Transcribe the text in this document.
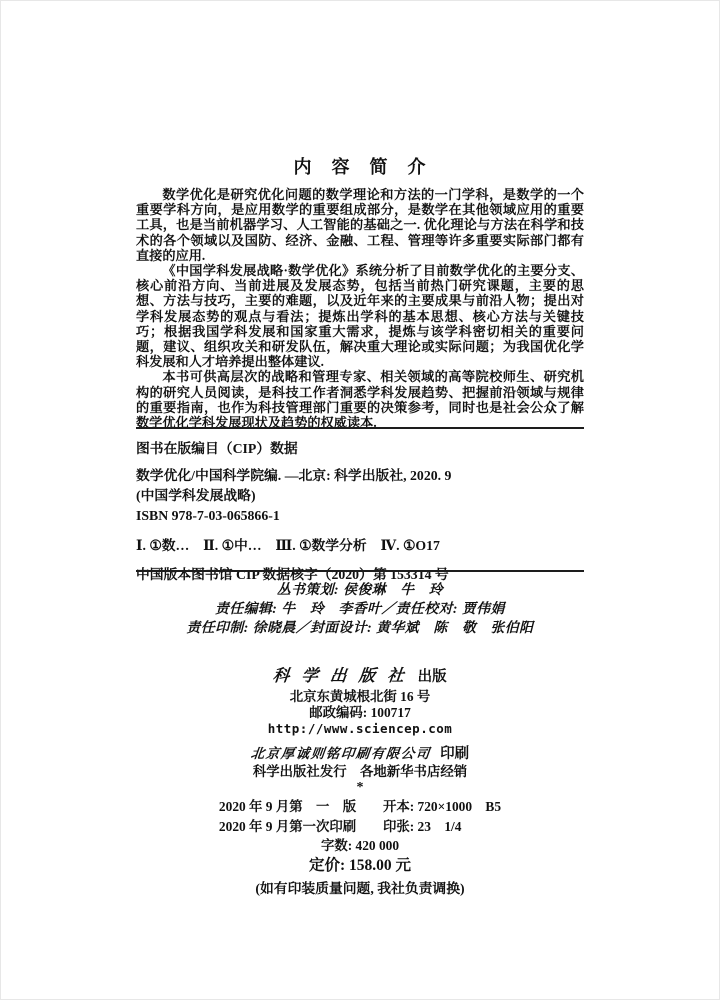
内　容　简　介

数学优化是研究优化问题的数学理论和方法的一门学科，是数学的一个重要学科方向，是应用数学的重要组成部分，是数学在其他领域应用的重要工具，也是当前机器学习、人工智能的基础之一. 优化理论与方法在科学和技术的各个领域以及国防、经济、金融、工程、管理等许多重要实际部门都有直接的应用.

《中国学科发展战略·数学优化》系统分析了目前数学优化的主要分支、核心前沿方向、当前进展及发展态势，包括当前热门研究课题，主要的思想、方法与技巧，主要的难题，以及近年来的主要成果与前沿人物；提出对学科发展态势的观点与看法；提炼出学科的基本思想、核心方法与关键技巧；根据我国学科发展和国家重大需求，提炼与该学科密切相关的重要问题，建议、组织攻关和研发队伍，解决重大理论或实际问题；为我国优化学科发展和人才培养提出整体建议.

本书可供高层次的战略和管理专家、相关领域的高等院校师生、研究机构的研究人员阅读，是科技工作者洞悉学科发展趋势、把握前沿领域与规律的重要指南，也作为科技管理部门重要的决策参考，同时也是社会公众了解数学优化学科发展现状及趋势的权威读本.

图书在版编目（CIP）数据
数学优化/中国科学院编. —北京: 科学出版社, 2020. 9
(中国学科发展战略)
ISBN 978-7-03-065866-1
Ⅰ. ①数…　Ⅱ. ①中…　Ⅲ. ①数学分析　Ⅳ. ①O17
中国版本图书馆 CIP 数据核字（2020）第 153314 号
丛书策划: 侯俊琳　牛　玲
责任编辑: 牛　玲　李香叶／责任校对: 贾伟娟
责任印制: 徐晓晨／封面设计: 黄华斌　陈　敬　张伯阳
科 学 出 版 社 出版
北京东黄城根北街 16 号
邮政编码: 100717
http://www.sciencep.com
北京厚诚则铭印刷有限公司 印刷
科学出版社发行　各地新华书店经销
*
2020 年 9 月第　一　版　　开本: 720×1000　B5
2020 年 9 月第一次印刷　　印张: 23　1/4
字数: 420 000
定价: 158.00 元
(如有印装质量问题, 我社负责调换)
